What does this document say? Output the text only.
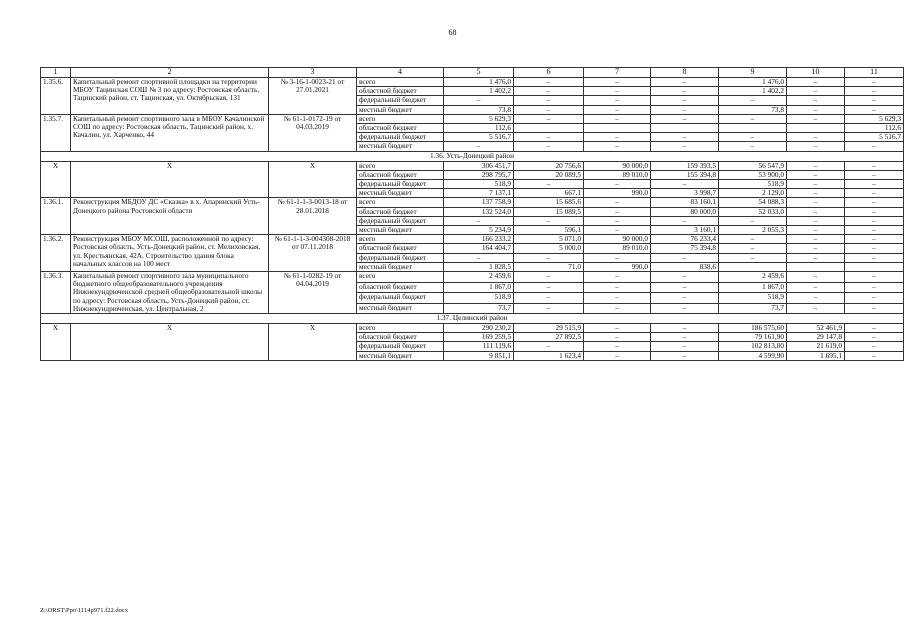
68
1	2	3	4	5	6	7	8	9	10	11
1.35.6.	Капитальный ремонт спортивной площадки на территории МБОУ Тацинская СОШ № 3 по адресу: Ростовская область, Тацинский район, ст. Тацинская, ул. Октябрьская, 131	№ 3-16-1-0023-21 от 27.01.2021	всего	1 476,0	–	–	–	1 476,0	–	–
			областной бюджет	1 402,2	–	–	–	1 402,2	–	–
			федеральный бюджет	–	–	–	–	–	–	–
			местный бюджет	73,8	–	–	–	73,8	–	–
1.35.7.	Капитальный ремонт спортивного зала в МБОУ Качалинской СОШ по адресу: Ростовская область, Тацинский район, х. Качалин, ул. Харченко, 44	№ 61-1-0172-19 от 04.03.2019	всего	5 629,3	–	–	–	–	–	5 629,3
			областной бюджет	112,6						112,6
			федеральный бюджет	5 516,7	–	–	–	–	–	5 516,7
			местный бюджет	–	–	–	–	–	–	–
1.36. Усть-Донецкий район										
Х	Х	Х	всего	306 451,7	20 756,6	90 000,0	159 393,5	56 547,9	–	–
			областной бюджет	298 795,7	20 089,5	89 010,0	155 394,8	53 900,0	–	–
			федеральный бюджет	518,9	–	–	–	518,9	–	–
			местный бюджет	7 137,1	667,1	990,0	3 998,7	2 129,0	–	–
1.36.1.	Реконструкция МБДОУ ДС «Сказка» в х. Апаринский Усть-Донецкого района Ростовской области	№ 61-1-1-3-0013-18 от 28.01.2018	всего	137 758,9	15 685,6	–	83 160,1	54 088,3	–	–
			областной бюджет	132 524,0	15 089,5	–	80 000,0	52 033,0	–	–
			федеральный бюджет	–	–	–	–	–	–	–
			местный бюджет	5 234,9	596,1	–	3 160,1	2 055,3	–	–
1.36.2.	Реконструкция МБОУ МСОШ, расположенной по адресу: Ростовская область, Усть-Донецкий район, ст. Мелиховская, ул. Крестьянская, 42А. Строительство здания блока начальных классов на 100 мест	№ 61-1-1-3-004308-2018 от 07.11.2018	всего	166 233,2	5 071,0	90 000,0	76 233,4	–	–	–
			областной бюджет	164 404,7	5 000,0	89 010,0	75 394,8	–	–	–
			федеральный бюджет	–	–	–	–	–	–	–
			местный бюджет	1 828,5	71,0	990,0	838,6			
1.36.3.	Капитальный ремонт спортивного зала муниципального бюджетного общеобразовательного учреждения Нижнекундрюченской средней общеобразовательной школы по адресу: Ростовская область, Усть-Донецкий район, ст. Нижнекундрюченская, ул. Центральная, 2	№ 61-1-0282-19 от 04.04.2019	всего	2 459,6	–	–	–	2 459,6	–	–
			областной бюджет	1 867,0	–	–	–	1 867,0	–	–
			федеральный бюджет	518,9	–	–	–	518,9	–	–
			местный бюджет	73,7	–	–	–	73,7	–	–
1.37. Целинский район										
Х	Х	Х	всего	290 230,2	29 515,9	–	–	186 575,60	52 461,9	–
			областной бюджет	169 259,5	27 892,5	–	–	79 161,90	29 147,8	–
			федеральный бюджет	111 119,6	–	–	–	102 813,80	21 619,0	–
			местный бюджет	9 851,1	1 623,4	–	–	4 599,90	1 695,1	–
Z:\ORST\Ppo\1114p971.f22.docx
